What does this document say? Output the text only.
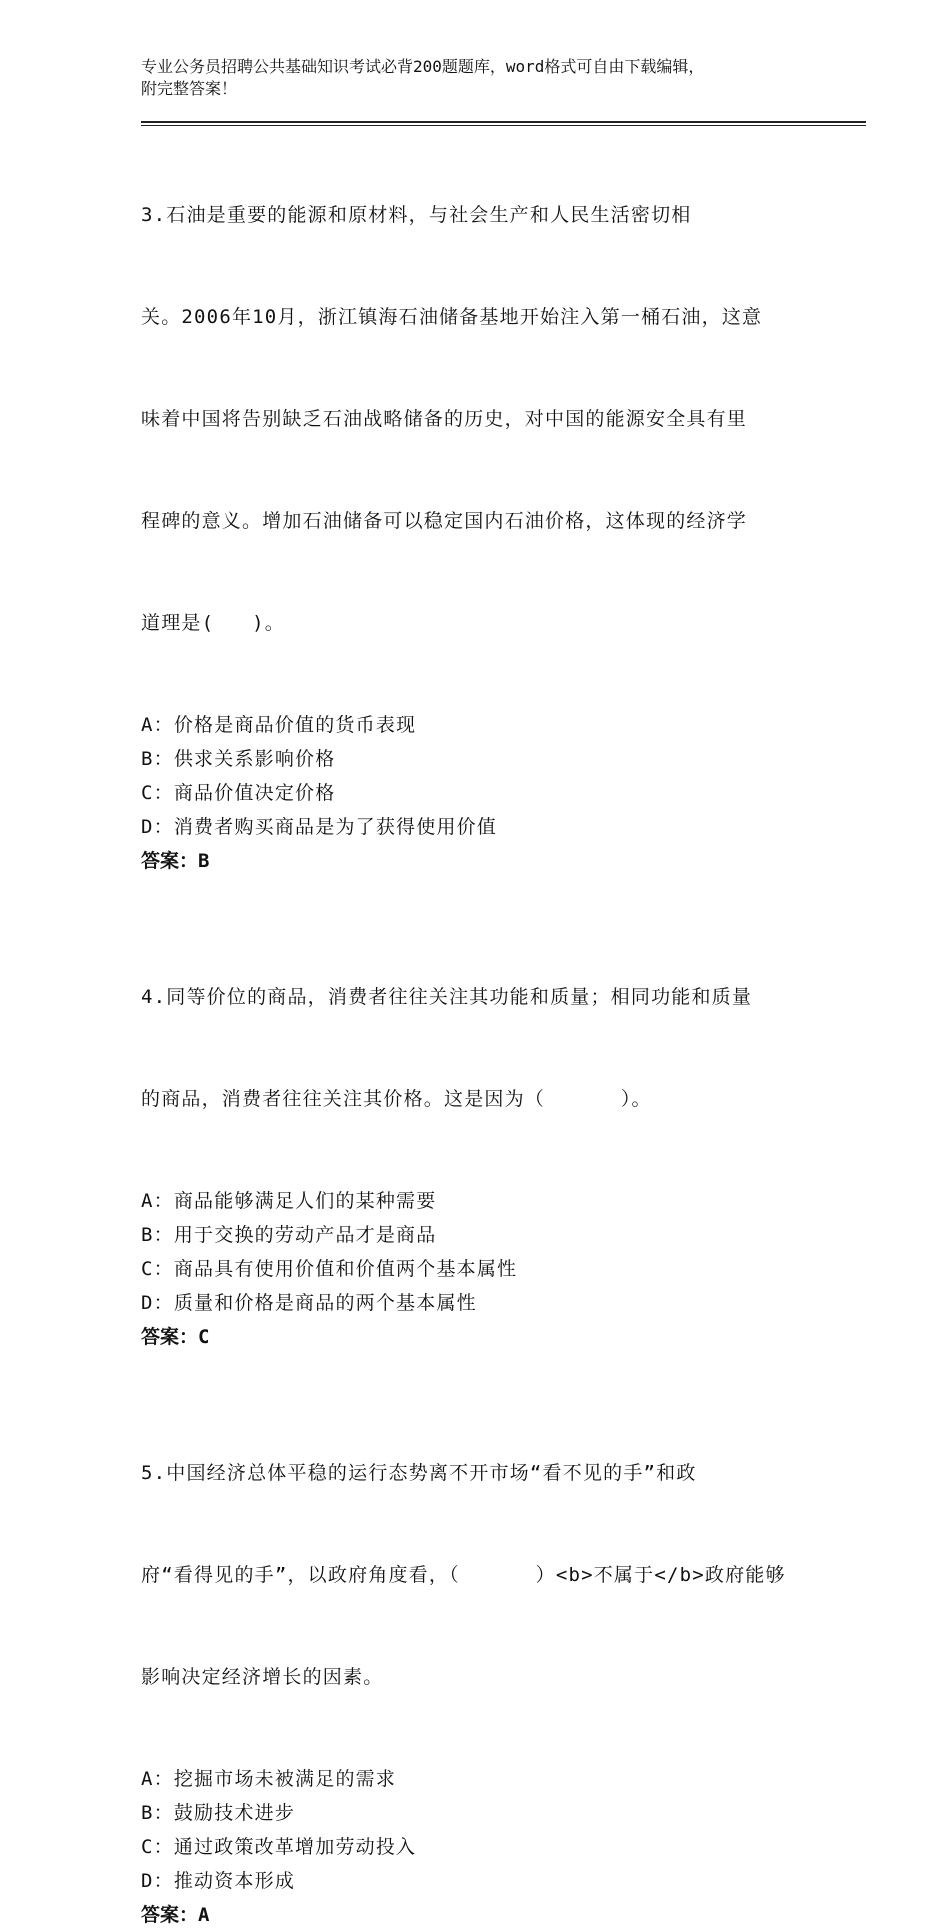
专业公务员招聘公共基础知识考试必背200题题库，word格式可自由下载编辑，
附完整答案！

3.石油是重要的能源和原材料，与社会生产和人民生活密切相

关。2006年10月，浙江镇海石油储备基地开始注入第一桶石油，这意

味着中国将告别缺乏石油战略储备的历史，对中国的能源安全具有里

程碑的意义。增加石油储备可以稳定国内石油价格，这体现的经济学

道理是(   )。

A：价格是商品价值的货币表现

B：供求关系影响价格

C：商品价值决定价格

D：消费者购买商品是为了获得使用价值

答案：B

4.同等价位的商品，消费者往往关注其功能和质量；相同功能和质量

的商品，消费者往往关注其价格。这是因为（      ）。

A：商品能够满足人们的某种需要

B：用于交换的劳动产品才是商品

C：商品具有使用价值和价值两个基本属性

D：质量和价格是商品的两个基本属性

答案：C

5.中国经济总体平稳的运行态势离不开市场“看不见的手”和政

府“看得见的手”，以政府角度看，（      ）<b>不属于</b>政府能够

影响决定经济增长的因素。

A：挖掘市场未被满足的需求

B：鼓励技术进步

C：通过政策改革增加劳动投入

D：推动资本形成

答案：A
